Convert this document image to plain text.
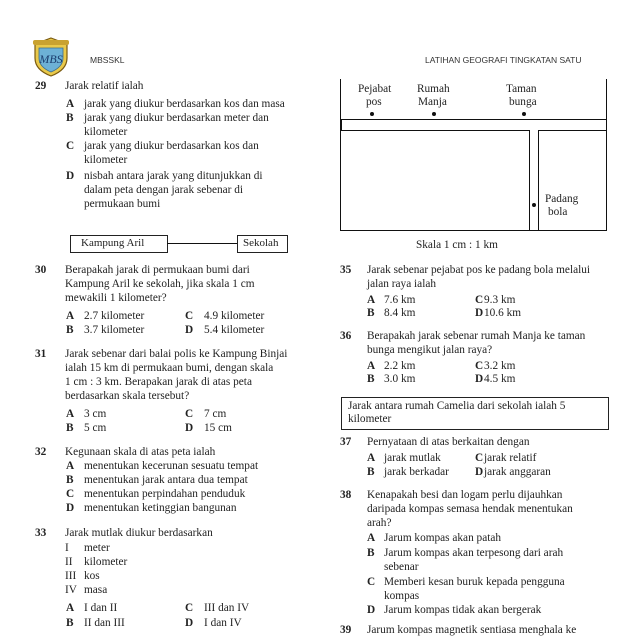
MBS	MBSSKL	LATIHAN GEOGRAFI TINGKATAN SATU
29 Jarak relatif ialah
A jarak yang diukur berdasarkan kos dan masa
B jarak yang diukur berdasarkan meter dan
kilometer
C jarak yang diukur berdasarkan kos dan
kilometer
D nisbah antara jarak yang ditunjukkan di
dalam peta dengan jarak sebenar di
permukaan bumi
Kampung Aril	Sekolah
30 Berapakah jarak di permukaan bumi dari
Kampung Aril ke sekolah, jika skala 1 cm
mewakili 1 kilometer?
A 2.7 kilometer	C 4.9 kilometer
B 3.7 kilometer	D 5.4 kilometer
31 Jarak sebenar dari balai polis ke Kampung Binjai
ialah 15 km di permukaan bumi, dengan skala
1 cm : 3 km. Berapakan jarak di atas peta
berdasarkan skala tersebut?
A 3 cm	C 7 cm
B 5 cm	D 15 cm
32 Kegunaan skala di atas peta ialah
A menentukan kecerunan sesuatu tempat
B menentukan jarak antara dua tempat
C menentukan perpindahan penduduk
D menentukan ketinggian bangunan
33 Jarak mutlak diukur berdasarkan
I meter
II kilometer
III kos
IV masa
A I dan II	C III dan IV
B II dan III	D I dan IV
Pejabat
pos
Rumah
Manja
Taman
bunga
Padang
bola
Skala 1 cm : 1 km
35 Jarak sebenar pejabat pos ke padang bola melalui
jalan raya ialah
A 7.6 km	C 9.3 km
B 8.4 km	D 10.6 km
36 Berapakah jarak sebenar rumah Manja ke taman
bunga mengikut jalan raya?
A 2.2 km	C 3.2 km
B 3.0 km	D 4.5 km
Jarak antara rumah Camelia dari sekolah ialah 5
kilometer
37 Pernyataan di atas berkaitan dengan
A jarak mutlak	C jarak relatif
B jarak berkadar D jarak anggaran
38 Kenapakah besi dan logam perlu dijauhkan
daripada kompas semasa hendak menentukan
arah?
A Jarum kompas akan patah
B Jarum kompas akan terpesong dari arah
sebenar
C Memberi kesan buruk kepada pengguna
kompas
D Jarum kompas tidak akan bergerak
39 Jarum kompas magnetik sentiasa menghala ke
